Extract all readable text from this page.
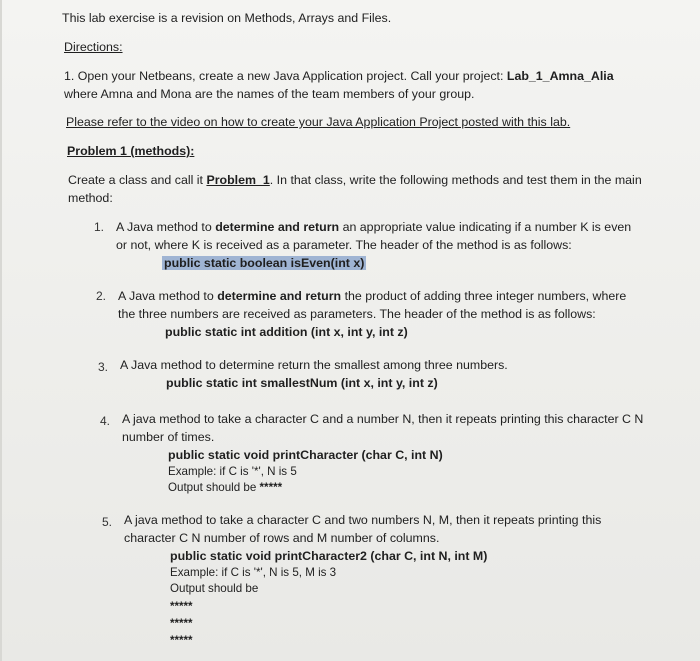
This lab exercise is a revision on Methods, Arrays and Files.
Directions:
1. Open your Netbeans, create a new Java Application project. Call your project: Lab_1_Amna_Alia
where Amna and Mona are the names of the team members of your group.
Please refer to the video on how to create your Java Application Project posted with this lab.
Problem 1 (methods):
Create a class and call it Problem_1. In that class, write the following methods and test them in the main
method:
1. A Java method to determine and return an appropriate value indicating if a number K is even
or not, where K is received as a parameter. The header of the method is as follows:
public static boolean isEven(int x)
2. A Java method to determine and return the product of adding three integer numbers, where
the three numbers are received as parameters. The header of the method is as follows:
public static int addition (int x, int y, int z)
3. A Java method to determine return the smallest among three numbers.
public static int smallestNum (int x, int y, int z)
4. A java method to take a character C and a number N, then it repeats printing this character C N
number of times.
public static void printCharacter (char C, int N)
Example: if C is '*', N is 5
Output should be *****
5. A java method to take a character C and two numbers N, M, then it repeats printing this
character C N number of rows and M number of columns.
public static void printCharacter2 (char C, int N, int M)
Example: if C is '*', N is 5, M is 3
Output should be
*****
*****
*****
